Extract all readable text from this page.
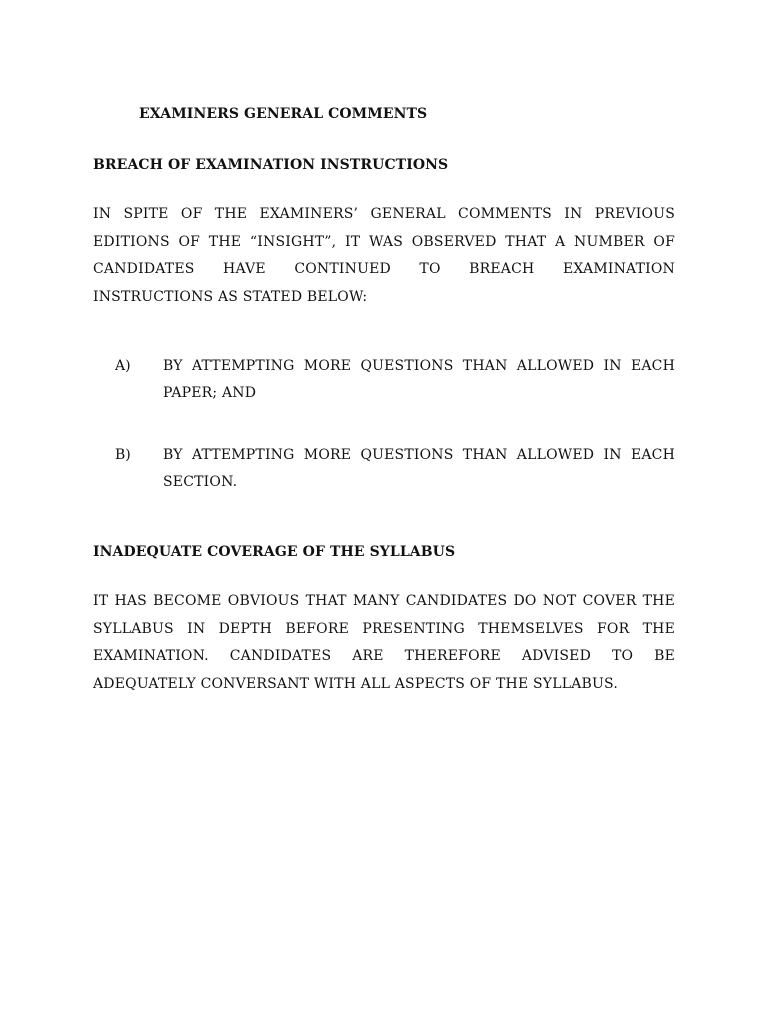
EXAMINERS GENERAL COMMENTS
BREACH OF EXAMINATION INSTRUCTIONS

IN SPITE OF THE EXAMINERS’ GENERAL COMMENTS IN PREVIOUS EDITIONS OF THE “INSIGHT”, IT WAS OBSERVED THAT A NUMBER OF CANDIDATES HAVE CONTINUED TO BREACH EXAMINATION INSTRUCTIONS AS STATED BELOW:

A) BY ATTEMPTING MORE QUESTIONS THAN ALLOWED IN EACH PAPER; AND
B) BY ATTEMPTING MORE QUESTIONS THAN ALLOWED IN EACH SECTION.
INADEQUATE COVERAGE OF THE SYLLABUS

IT HAS BECOME OBVIOUS THAT MANY CANDIDATES DO NOT COVER THE SYLLABUS IN DEPTH BEFORE PRESENTING THEMSELVES FOR THE EXAMINATION. CANDIDATES ARE THEREFORE ADVISED TO BE ADEQUATELY CONVERSANT WITH ALL ASPECTS OF THE SYLLABUS.
